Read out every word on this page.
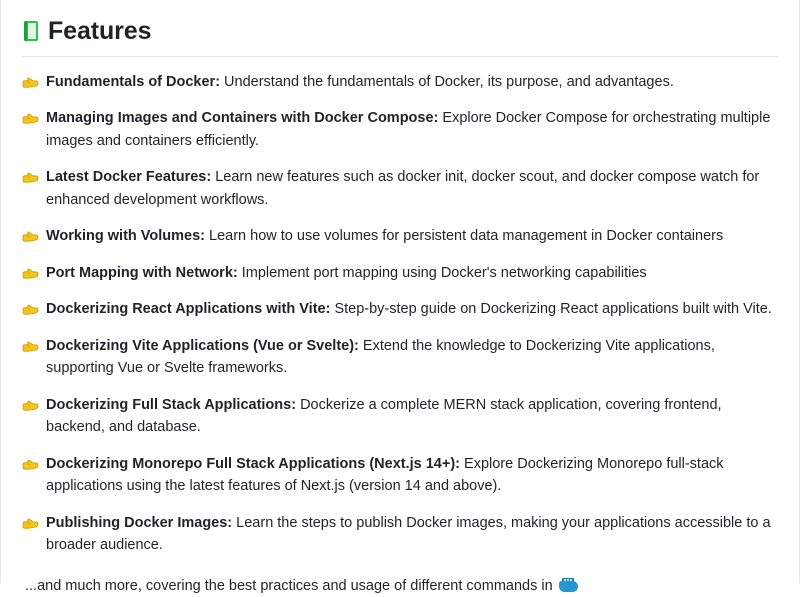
Features
Fundamentals of Docker: Understand the fundamentals of Docker, its purpose, and advantages.
Managing Images and Containers with Docker Compose: Explore Docker Compose for orchestrating multiple images and containers efficiently.
Latest Docker Features: Learn new features such as docker init, docker scout, and docker compose watch for enhanced development workflows.
Working with Volumes: Learn how to use volumes for persistent data management in Docker containers
Port Mapping with Network: Implement port mapping using Docker's networking capabilities
Dockerizing React Applications with Vite: Step-by-step guide on Dockerizing React applications built with Vite.
Dockerizing Vite Applications (Vue or Svelte): Extend the knowledge to Dockerizing Vite applications, supporting Vue or Svelte frameworks.
Dockerizing Full Stack Applications: Dockerize a complete MERN stack application, covering frontend, backend, and database.
Dockerizing Monorepo Full Stack Applications (Next.js 14+): Explore Dockerizing Monorepo full-stack applications using the latest features of Next.js (version 14 and above).
Publishing Docker Images: Learn the steps to publish Docker images, making your applications accessible to a broader audience.

...and much more, covering the best practices and usage of different commands in
